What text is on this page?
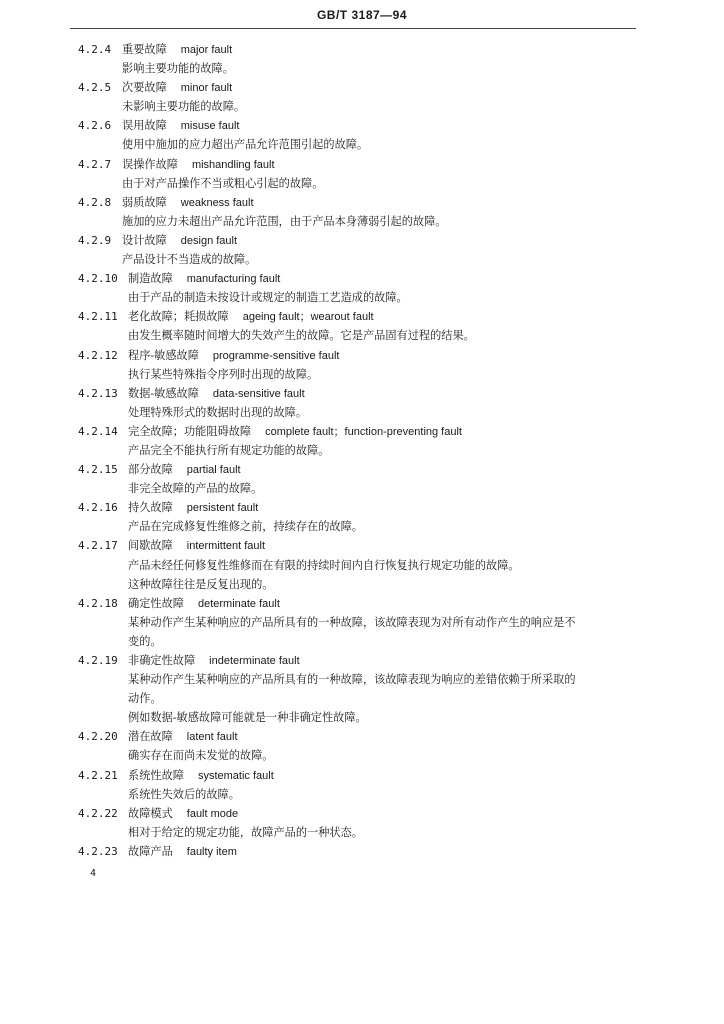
GB/T 3187—94
4.2.4 重要故障 major fault
影响主要功能的故障。
4.2.5 次要故障 minor fault
未影响主要功能的故障。
4.2.6 误用故障 misuse fault
使用中施加的应力超出产品允许范围引起的故障。
4.2.7 误操作故障 mishandling fault
由于对产品操作不当或粗心引起的故障。
4.2.8 弱质故障 weakness fault
施加的应力未超出产品允许范围，由于产品本身薄弱引起的故障。
4.2.9 设计故障 design fault
产品设计不当造成的故障。
4.2.10 制造故障 manufacturing fault
由于产品的制造未按设计或规定的制造工艺造成的故障。
4.2.11 老化故障；耗损故障 ageing fault；wearout fault
由发生概率随时间增大的失效产生的故障。它是产品固有过程的结果。
4.2.12 程序-敏感故障 programme-sensitive fault
执行某些特殊指令序列时出现的故障。
4.2.13 数据-敏感故障 data-sensitive fault
处理特殊形式的数据时出现的故障。
4.2.14 完全故障；功能阻碍故障 complete fault；function-preventing fault
产品完全不能执行所有规定功能的故障。
4.2.15 部分故障 partial fault
非完全故障的产品的故障。
4.2.16 持久故障 persistent fault
产品在完成修复性维修之前，持续存在的故障。
4.2.17 间歇故障 intermittent fault
产品未经任何修复性维修而在有限的持续时间内自行恢复执行规定功能的故障。
这种故障往往是反复出现的。
4.2.18 确定性故障 determinate fault
某种动作产生某种响应的产品所具有的一种故障，该故障表现为对所有动作产生的响应是不
变的。
4.2.19 非确定性故障 indeterminate fault
某种动作产生某种响应的产品所具有的一种故障，该故障表现为响应的差错依赖于所采取的
动作。
例如数据-敏感故障可能就是一种非确定性故障。
4.2.20 潜在故障 latent fault
确实存在而尚未发觉的故障。
4.2.21 系统性故障 systematic fault
系统性失效后的故障。
4.2.22 故障模式 fault mode
相对于给定的规定功能，故障产品的一种状态。
4.2.23 故障产品 faulty item
4
